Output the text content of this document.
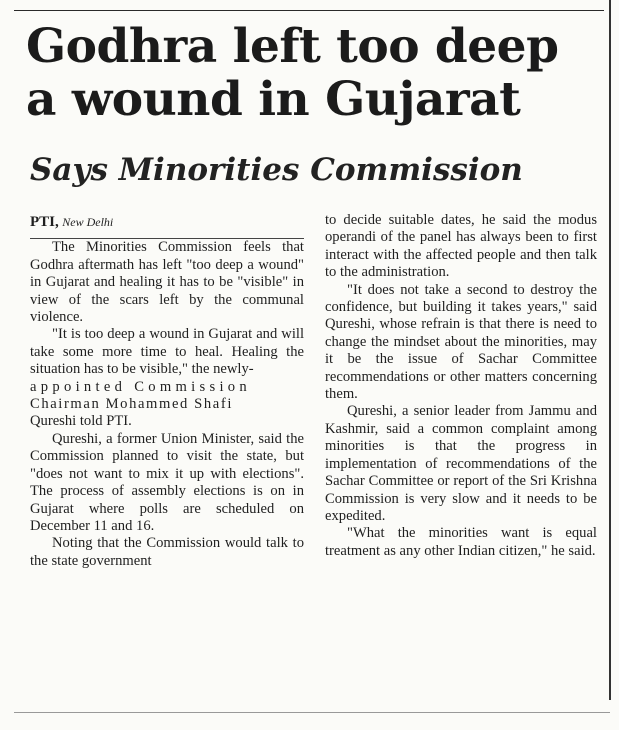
Godhra left too deep
a wound in Gujarat
Says Minorities Commission

PTI, New Delhi

The Minorities Commission feels that Godhra aftermath has left "too deep a wound" in Gujarat and healing it has to be "visible" in view of the scars left by the communal violence.

"It is too deep a wound in Gujarat and will take some more time to heal. Healing the situation has to be visible," the newly-

appointed Commission

Chairman Mohammed Shafi

Qureshi told PTI.

Qureshi, a former Union Minister, said the Commission planned to visit the state, but "does not want to mix it up with elections". The process of assembly elections is on in Gujarat where polls are scheduled on December 11 and 16.

Noting that the Commission would talk to the state government

to decide suitable dates, he said the modus operandi of the panel has always been to first interact with the affected people and then talk to the administration.

"It does not take a second to destroy the confidence, but building it takes years," said Qureshi, whose refrain is that there is need to change the mindset about the minorities, may it be the issue of Sachar Committee recommendations or other matters concerning them.

Qureshi, a senior leader from Jammu and Kashmir, said a common complaint among minorities is that the progress in implementation of recommendations of the Sachar Committee or report of the Sri Krishna Commission is very slow and it needs to be expedited.

"What the minorities want is equal treatment as any other Indian citizen," he said.
